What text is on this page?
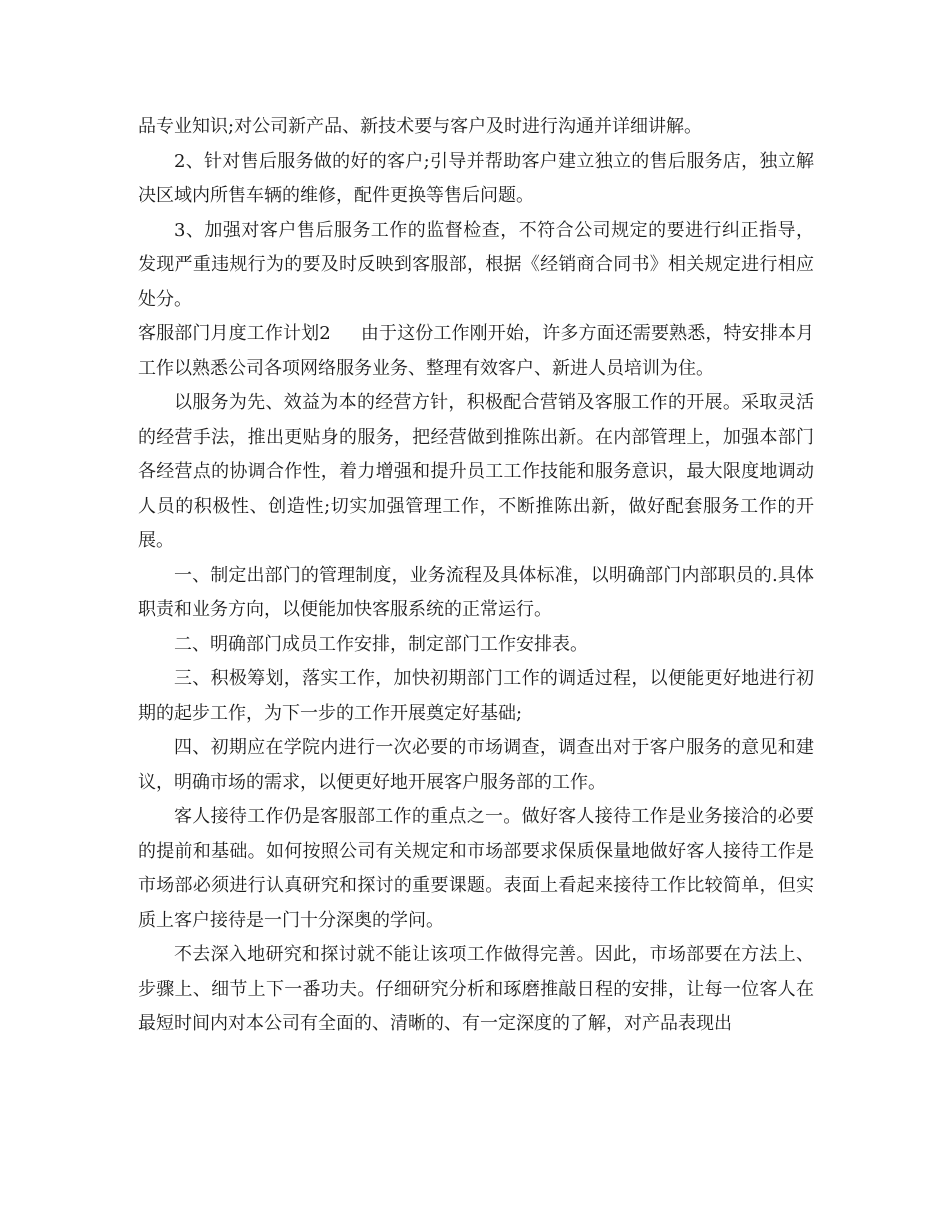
品专业知识;对公司新产品、新技术要与客户及时进行沟通并详细讲解。

2、针对售后服务做的好的客户;引导并帮助客户建立独立的售后服务店，独立解决区域内所售车辆的维修，配件更换等售后问题。

3、加强对客户售后服务工作的监督检查，不符合公司规定的要进行纠正指导，发现严重违规行为的要及时反映到客服部，根据《经销商合同书》相关规定进行相应处分。

客服部门月度工作计划2 由于这份工作刚开始，许多方面还需要熟悉，特安排本月工作以熟悉公司各项网络服务业务、整理有效客户、新进人员培训为住。

以服务为先、效益为本的经营方针，积极配合营销及客服工作的开展。采取灵活的经营手法，推出更贴身的服务，把经营做到推陈出新。在内部管理上，加强本部门各经营点的协调合作性，着力增强和提升员工工作技能和服务意识，最大限度地调动人员的积极性、创造性;切实加强管理工作，不断推陈出新，做好配套服务工作的开展。

一、制定出部门的管理制度，业务流程及具体标准，以明确部门内部职员的.具体职责和业务方向，以便能加快客服系统的正常运行。

二、明确部门成员工作安排，制定部门工作安排表。

三、积极筹划，落实工作，加快初期部门工作的调适过程，以便能更好地进行初期的起步工作，为下一步的工作开展奠定好基础;

四、初期应在学院内进行一次必要的市场调查，调查出对于客户服务的意见和建议，明确市场的需求，以便更好地开展客户服务部的工作。

客人接待工作仍是客服部工作的重点之一。做好客人接待工作是业务接洽的必要的提前和基础。如何按照公司有关规定和市场部要求保质保量地做好客人接待工作是市场部必须进行认真研究和探讨的重要课题。表面上看起来接待工作比较简单，但实质上客户接待是一门十分深奥的学问。

不去深入地研究和探讨就不能让该项工作做得完善。因此，市场部要在方法上、步骤上、细节上下一番功夫。仔细研究分析和琢磨推敲日程的安排，让每一位客人在最短时间内对本公司有全面的、清晰的、有一定深度的了解，对产品表现出
